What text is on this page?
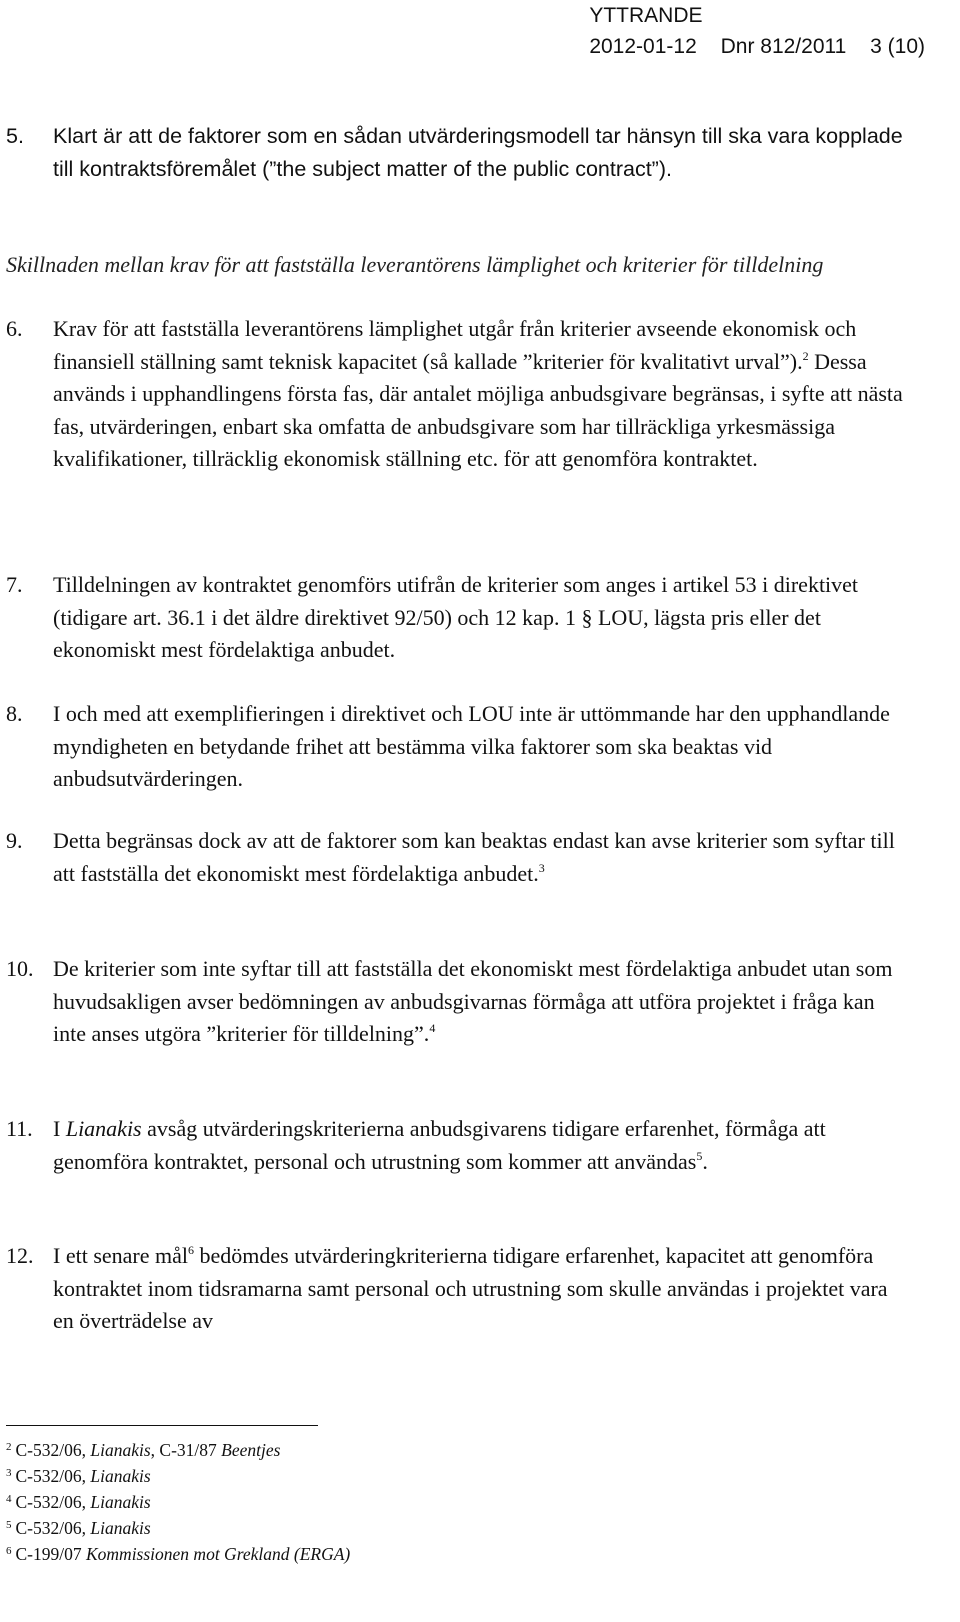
YTTRANDE
2012-01-12 Dnr 812/2011 3 (10)
5. Klart är att de faktorer som en sådan utvärderingsmodell tar hänsyn till ska vara kopplade till kontraktsföremålet (”the subject matter of the public contract”).
Skillnaden mellan krav för att fastställa leverantörens lämplighet och kriterier för tilldelning
6. Krav för att fastställa leverantörens lämplighet utgår från kriterier avseende ekonomisk och finansiell ställning samt teknisk kapacitet (så kallade ”kriterier för kvalitativt urval”).$^2$ Dessa används i upphandlingens första fas, där antalet möjliga anbudsgivare begränsas, i syfte att nästa fas, utvärderingen, enbart ska omfatta de anbudsgivare som har tillräckliga yrkesmässiga kvalifikationer, tillräcklig ekonomisk ställning etc. för att genomföra kontraktet.
7. Tilldelningen av kontraktet genomförs utifrån de kriterier som anges i artikel 53 i direktivet (tidigare art. 36.1 i det äldre direktivet 92/50) och 12 kap. 1 § LOU, lägsta pris eller det ekonomiskt mest fördelaktiga anbudet.
8. I och med att exemplifieringen i direktivet och LOU inte är uttömmande har den upphandlande myndigheten en betydande frihet att bestämma vilka faktorer som ska beaktas vid anbudsutvärderingen.
9. Detta begränsas dock av att de faktorer som kan beaktas endast kan avse kriterier som syftar till att fastställa det ekonomiskt mest fördelaktiga anbudet.$^3$
10. De kriterier som inte syftar till att fastställa det ekonomiskt mest fördelaktiga anbudet utan som huvudsakligen avser bedömningen av anbudsgivarnas förmåga att utföra projektet i fråga kan inte anses utgöra ”kriterier för tilldelning”.$^4$
11. I Lianakis avsåg utvärderingskriterierna anbudsgivarens tidigare erfarenhet, förmåga att genomföra kontraktet, personal och utrustning som kommer att användas$^5$.
12. I ett senare mål$^6$ bedömdes utvärderingkriterierna tidigare erfarenhet, kapacitet att genomföra kontraktet inom tidsramarna samt personal och utrustning som skulle användas i projektet vara en överträdelse av
$^2$ C-532/06, Lianakis, C-31/87 Beentjes
$^3$ C-532/06, Lianakis
$^4$ C-532/06, Lianakis
$^5$ C-532/06, Lianakis
$^6$ C-199/07 Kommissionen mot Grekland (ERGA)
